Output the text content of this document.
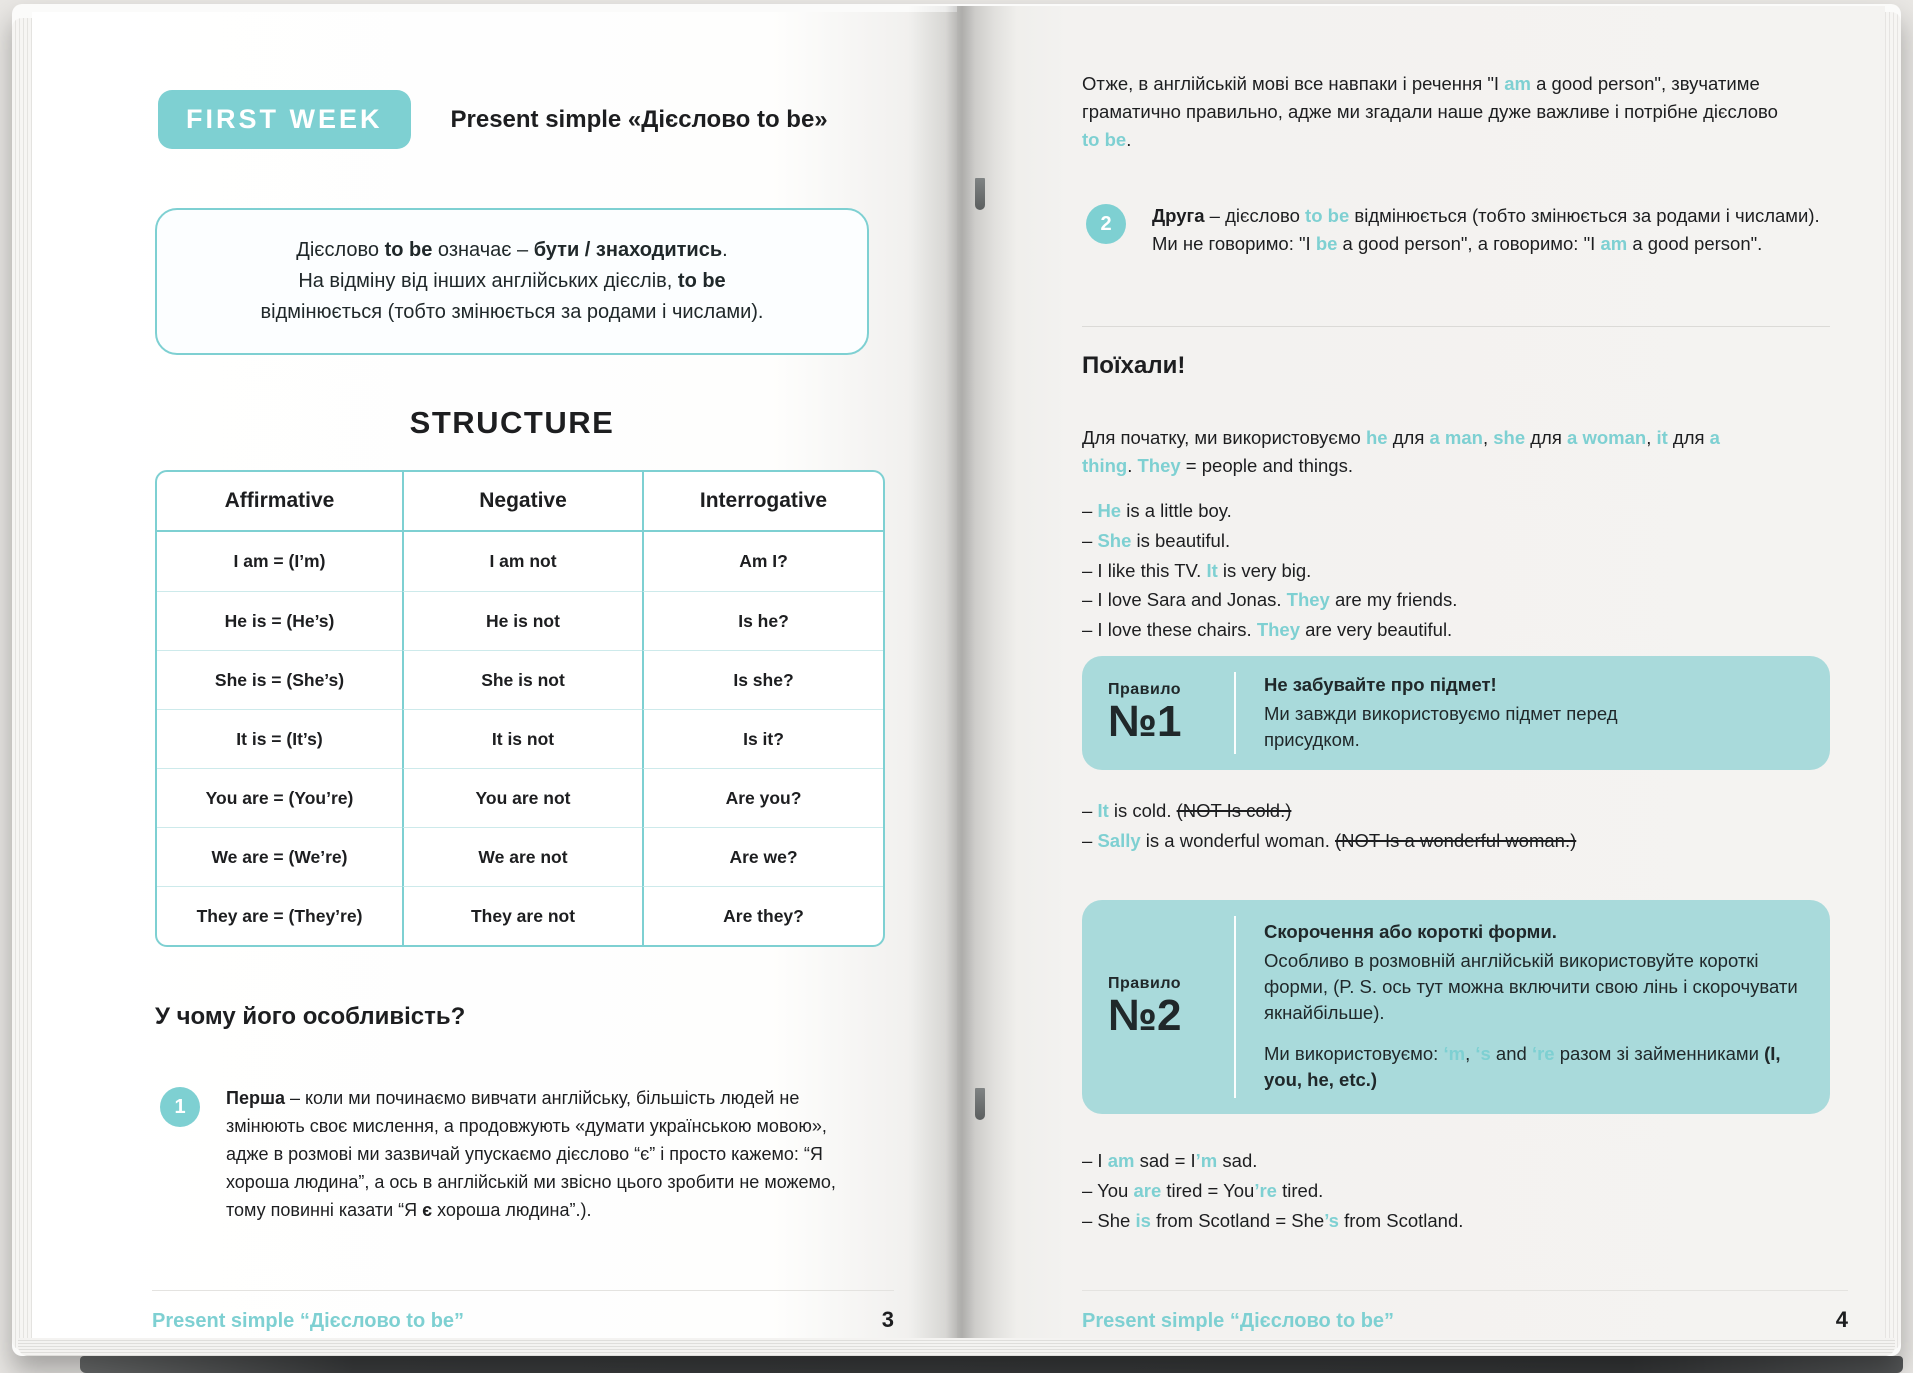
FIRST WEEK	Present simple «Дієслово to be»

Дієслово to be означає – бути / знаходитись.

На відміну від інших англійських дієслів, to be

відмінюється (тобто змінюється за родами і числами).

STRUCTURE
Affirmative	Negative	Interrogative
I am = (I’m)	I am not	Am I?
He is = (He’s)	He is not	Is he?
She is = (She’s)	She is not	Is she?
It is = (It’s)	It is not	Is it?
You are = (You’re)	You are not	Are you?
We are = (We’re)	We are not	Are we?
They are = (They’re)	They are not	Are they?
У чому його особливість?
1	Перша – коли ми починаємо вивчати англійську, більшість людей не змінюють своє мислення, а продовжують «думати українською мовою», адже в розмові ми зазвичай упускаємо дієслово “є” і просто кажемо: “Я хороша людина”, а ось в англійській ми звісно цього зробити не можемо, тому повинні казати “Я є хороша людина”.).

Present simple “Дієслово to be”	3

Отже, в англійській мові все навпаки і речення "I am a good person", звучатиме граматично правильно, адже ми згадали наше дуже важливе і потрібне дієслово to be.

2	Друга – дієслово to be відмінюється (тобто змінюється за родами і числами). Ми не говоримо: "I be a good person", а говоримо: "I am a good person".

Поїхали!

Для початку, ми використовуємо he для a man, she для a woman, it для a thing. They = people and things.

– He is a little boy.

– She is beautiful.

– I like this TV. It is very big.

– I love Sara and Jonas. They are my friends.

– I love these chairs. They are very beautiful.

Правило
№1

Не забувайте про підмет!

Ми завжди використовуємо підмет перед присудком.

– It is cold. (NOT Is cold.)

– Sally is a wonderful woman. (NOT Is a wonderful woman.)

Правило
№2

Скорочення або короткі форми.

Особливо в розмовній англійській використовуйте короткі форми, (P. S. ось тут можна включити свою лінь і скорочувати якнайбільше).

Ми використовуємо: ‘m, ‘s and ‘re разом зі займенниками (I, you, he, etc.)

– I am sad = I’m sad.

– You are tired = You’re tired.

– She is from Scotland = She’s from Scotland.

Present simple “Дієслово to be”	4
